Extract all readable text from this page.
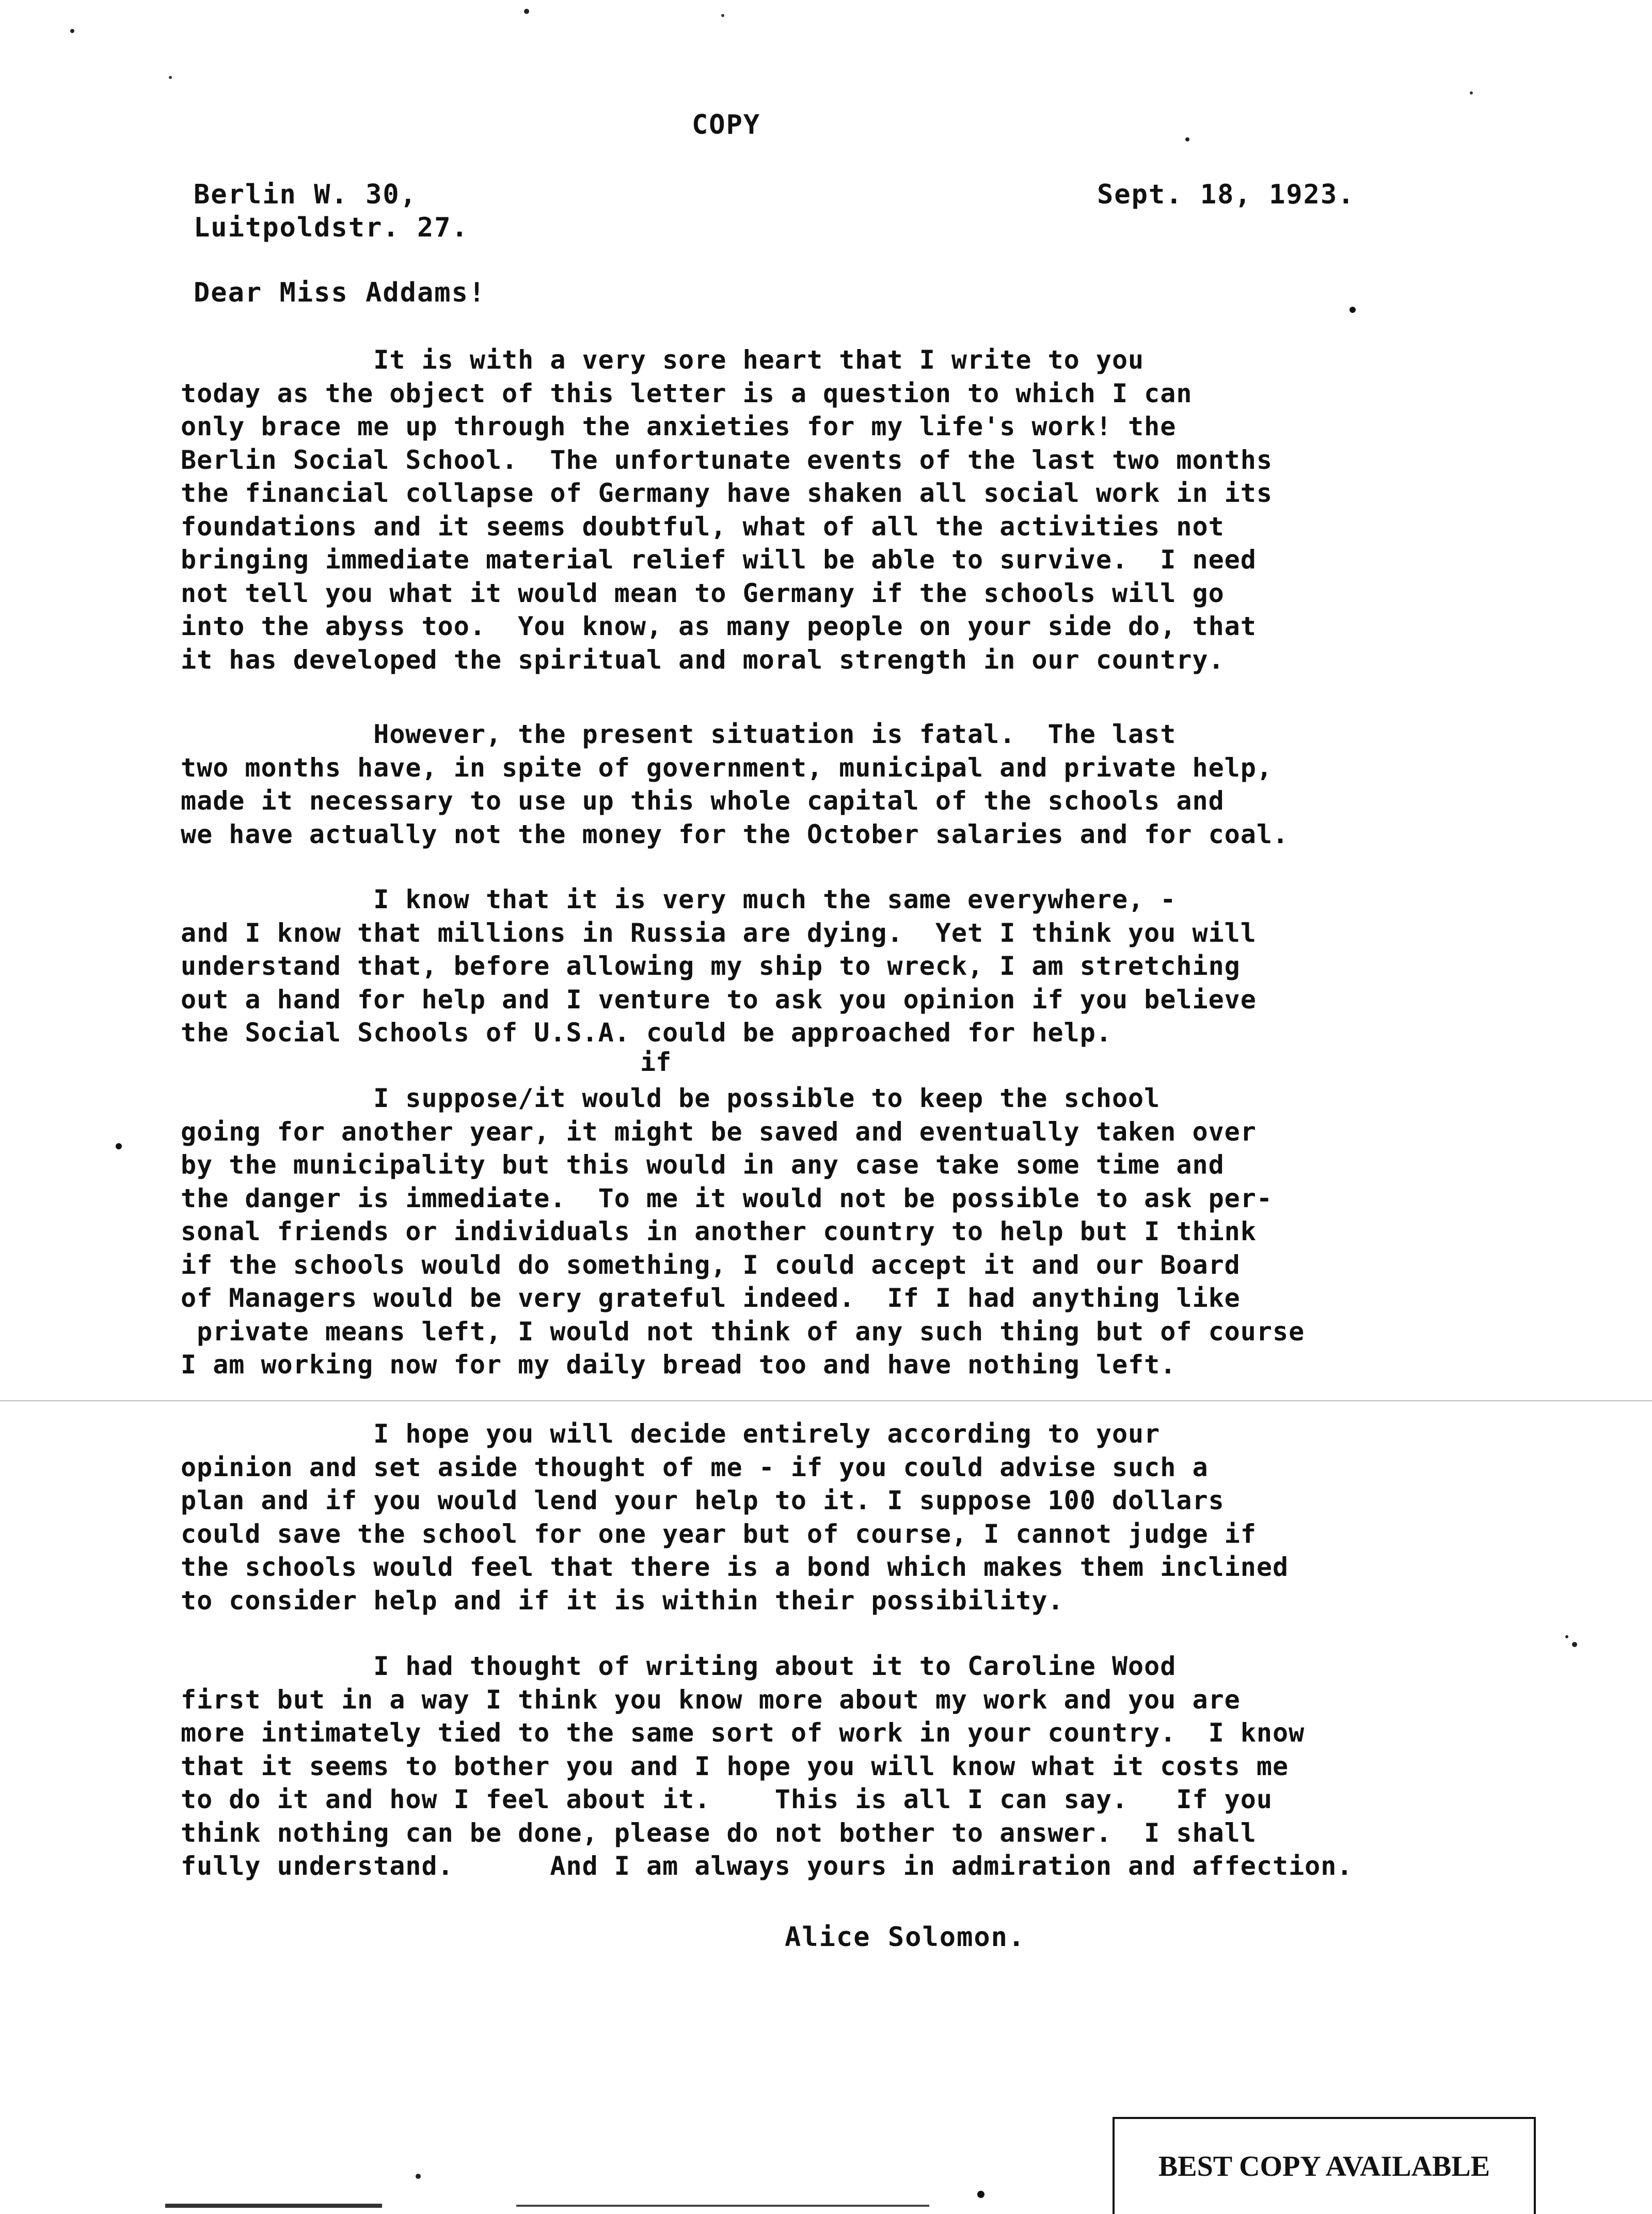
COPY
Berlin W. 30,
Luitpoldstr. 27.
Sept. 18, 1923.
Dear Miss Addams!
It is with a very sore heart that I write to you
today as the object of this letter is a question to which I can
only brace me up through the anxieties for my life's work! the
Berlin Social School.  The unfortunate events of the last two months
the financial collapse of Germany have shaken all social work in its
foundations and it seems doubtful, what of all the activities not
bringing immediate material relief will be able to survive.  I need
not tell you what it would mean to Germany if the schools will go
into the abyss too.  You know, as many people on your side do, that
it has developed the spiritual and moral strength in our country.
However, the present situation is fatal.  The last
two months have, in spite of government, municipal and private help,
made it necessary to use up this whole capital of the schools and
we have actually not the money for the October salaries and for coal.
I know that it is very much the same everywhere, -
and I know that millions in Russia are dying.  Yet I think you will
understand that, before allowing my ship to wreck, I am stretching
out a hand for help and I venture to ask you opinion if you believe
the Social Schools of U.S.A. could be approached for help.
if
I suppose/it would be possible to keep the school
going for another year, it might be saved and eventually taken over
by the municipality but this would in any case take some time and
the danger is immediate.  To me it would not be possible to ask per-
sonal friends or individuals in another country to help but I think
if the schools would do something, I could accept it and our Board
of Managers would be very grateful indeed.  If I had anything like
private means left, I would not think of any such thing but of course
I am working now for my daily bread too and have nothing left.
I hope you will decide entirely according to your
opinion and set aside thought of me - if you could advise such a
plan and if you would lend your help to it. I suppose 100 dollars
could save the school for one year but of course, I cannot judge if
the schools would feel that there is a bond which makes them inclined
to consider help and if it is within their possibility.
I had thought of writing about it to Caroline Wood
first but in a way I think you know more about my work and you are
more intimately tied to the same sort of work in your country.  I know
that it seems to bother you and I hope you will know what it costs me
to do it and how I feel about it.    This is all I can say.   If you
think nothing can be done, please do not bother to answer.  I shall
fully understand.      And I am always yours in admiration and affection.
Alice Solomon.
BEST COPY AVAILABLE
